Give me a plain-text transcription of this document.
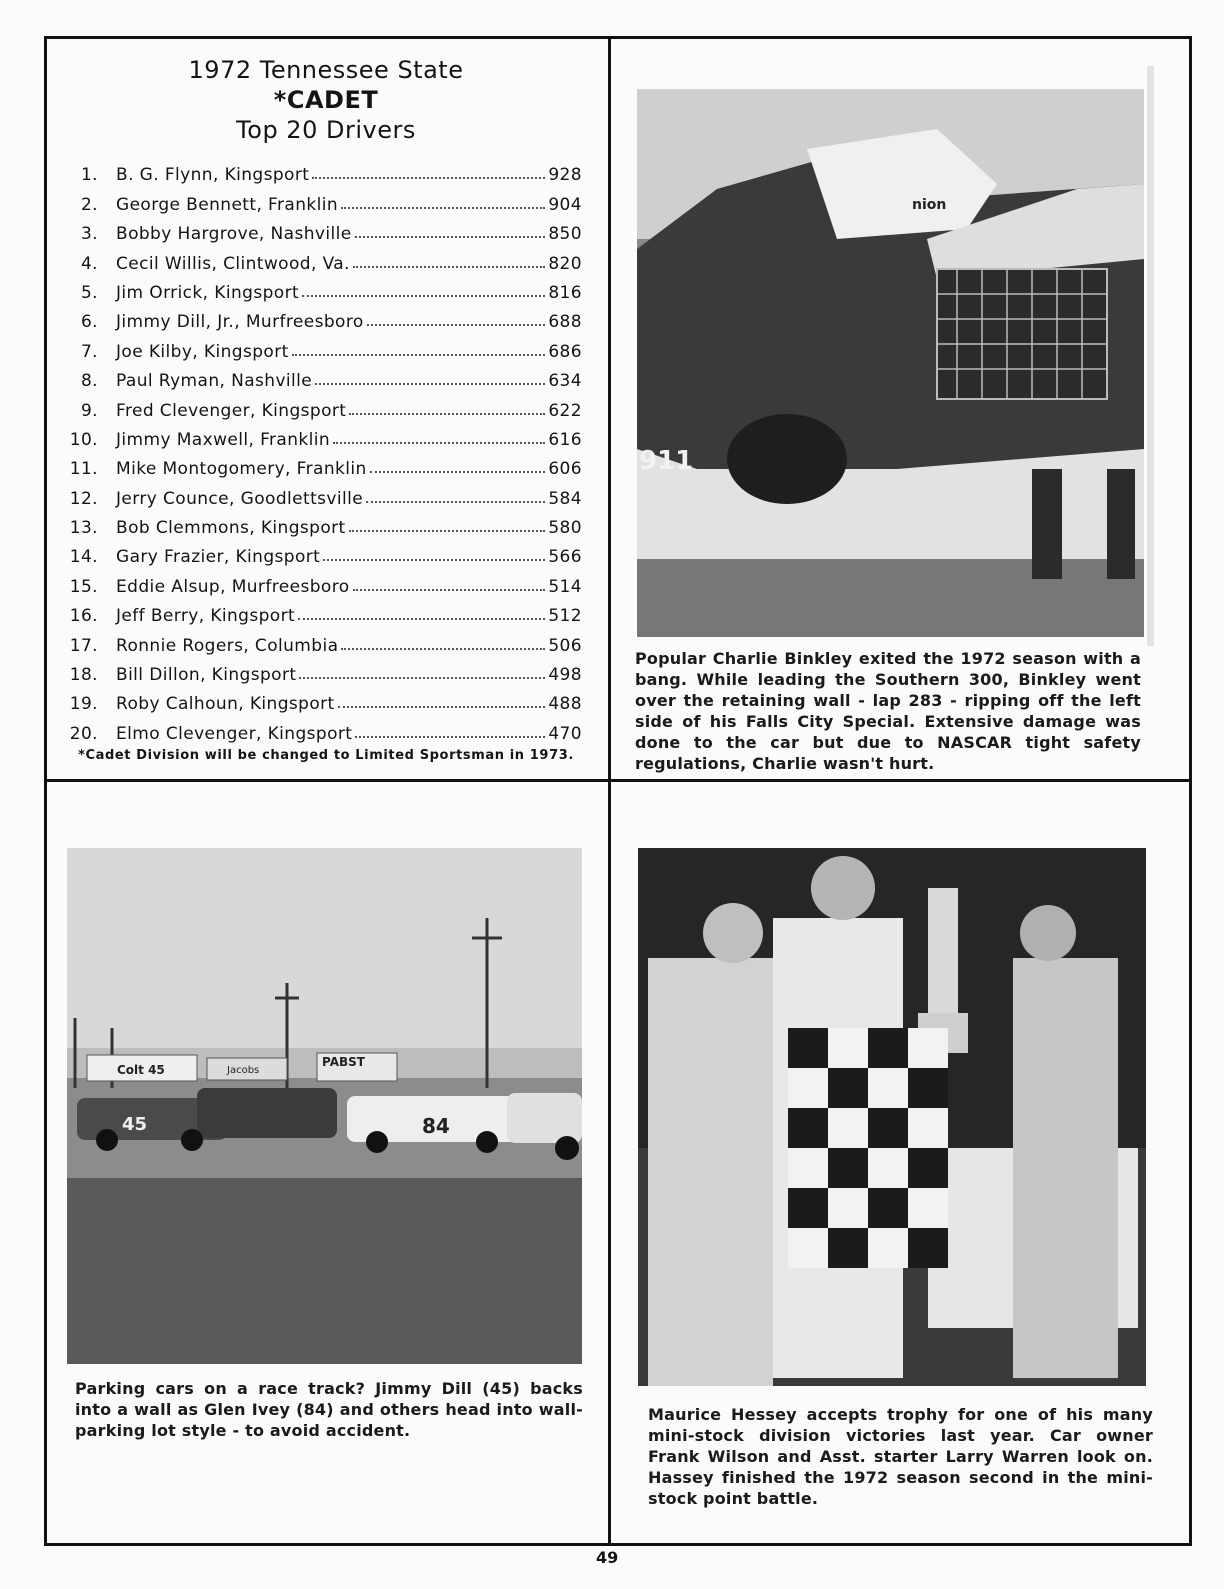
1972 Tennessee State
*CADET
Top 20 Drivers
1. B. G. Flynn, Kingsport	928
2. George Bennett, Franklin	904
3. Bobby Hargrove, Nashville	850
4. Cecil Willis, Clintwood, Va.	820
5. Jim Orrick, Kingsport	816
6. Jimmy Dill, Jr., Murfreesboro	688
7. Joe Kilby, Kingsport	686
8. Paul Ryman, Nashville	634
9. Fred Clevenger, Kingsport	622
10. Jimmy Maxwell, Franklin	616
11. Mike Montogomery, Franklin	606
12. Jerry Counce, Goodlettsville	584
13. Bob Clemmons, Kingsport	580
14. Gary Frazier, Kingsport	566
15. Eddie Alsup, Murfreesboro	514
16. Jeff Berry, Kingsport	512
17. Ronnie Rogers, Columbia	506
18. Bill Dillon, Kingsport	498
19. Roby Calhoun, Kingsport	488
20. Elmo Clevenger, Kingsport	470
*Cadet Division will be changed to Limited Sportsman in 1973.
nion
911
Colt 45	Jacobs
PABST
45	84
Popular Charlie Binkley exited the 1972 season with a bang. While leading the Southern 300, Binkley went over the retaining wall - lap 283 - ripping off the left side of his Falls City Special. Extensive damage was done to the car but due to NASCAR tight safety regulations, Charlie wasn't hurt.
Parking cars on a race track? Jimmy Dill (45) backs into a wall as Glen Ivey (84) and others head into wall-parking lot style - to avoid accident.
Maurice Hessey accepts trophy for one of his many mini-stock division victories last year. Car owner Frank Wilson and Asst. starter Larry Warren look on. Hassey finished the 1972 season second in the mini-stock point battle.
49
